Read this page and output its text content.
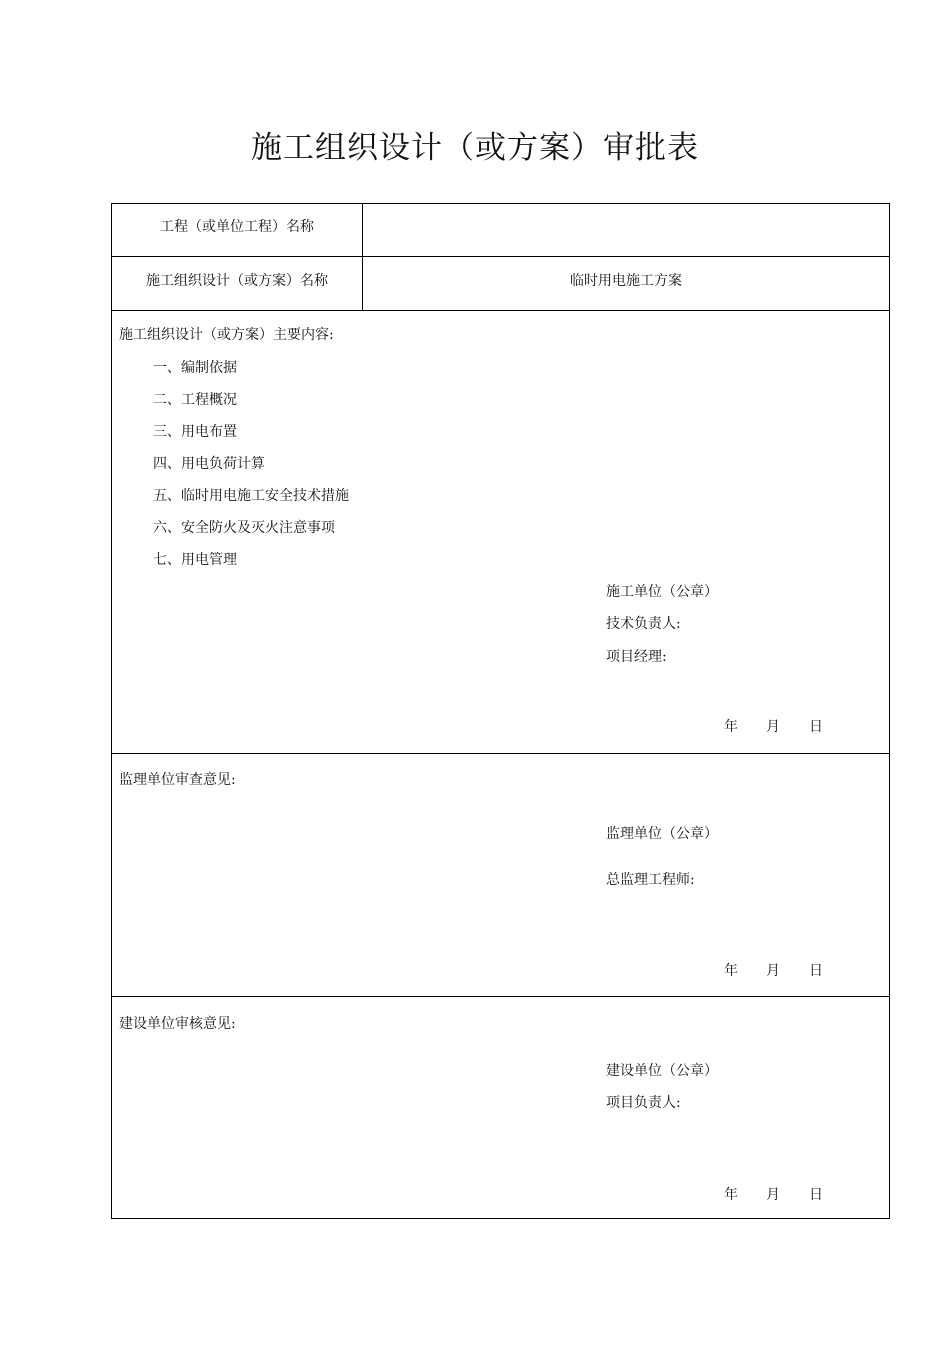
施工组织设计（或方案）审批表
工程（或单位工程）名称
施工组织设计（或方案）名称	临时用电施工方案
施工组织设计（或方案）主要内容:
一、编制依据
二、工程概况
三、用电布置
四、用电负荷计算
五、临时用电施工安全技术措施
六、安全防火及灭火注意事项
七、用电管理
施工单位（公章）
技术负责人:
项目经理:
年 月 日
监理单位审查意见:
监理单位（公章）
总监理工程师:
年 月 日
建设单位审核意见:
建设单位（公章）
项目负责人:
年 月 日
